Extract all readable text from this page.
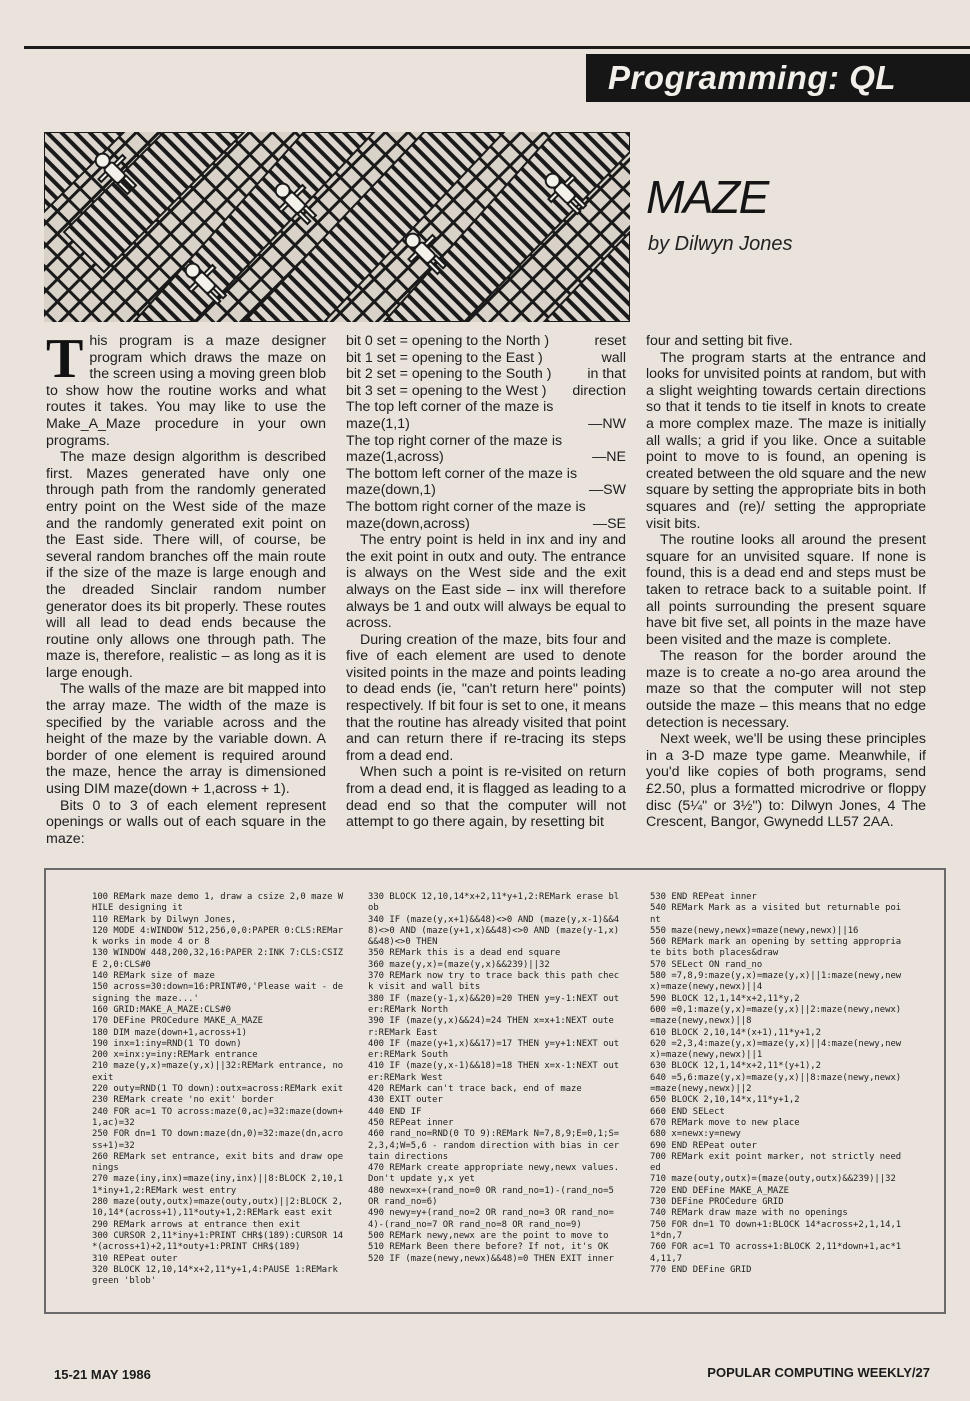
Programming: QL
MAZE
by Dilwyn Jones

This program is a maze designer program which draws the maze on the screen using a moving green blob to show how the routine works and what routes it takes. You may like to use the Make_A_Maze procedure in your own programs.

The maze design algorithm is described first. Mazes generated have only one through path from the randomly generated entry point on the West side of the maze and the randomly generated exit point on the East side. There will, of course, be several random branches off the main route if the size of the maze is large enough and the dreaded Sinclair random number generator does its bit properly. These routes will all lead to dead ends because the routine only allows one through path. The maze is, therefore, realistic – as long as it is large enough.

The walls of the maze are bit mapped into the array maze. The width of the maze is specified by the variable across and the height of the maze by the variable down. A border of one element is required around the maze, hence the array is dimensioned using DIM maze(down + 1,across + 1).

Bits 0 to 3 of each element represent openings or walls out of each square in the maze:

bit 0 set = opening to the North )	reset
bit 1 set = opening to the East )	wall
bit 2 set = opening to the South )	in that
bit 3 set = opening to the West ) direction
The top left corner of the maze is
maze(1,1)	—NW
The top right corner of the maze is
maze(1,across)	—NE
The bottom left corner of the maze is
maze(down,1)	—SW
The bottom right corner of the maze is
maze(down,across)	—SE

The entry point is held in inx and iny and the exit point in outx and outy. The entrance is always on the West side and the exit always on the East side – inx will therefore always be 1 and outx will always be equal to across.

During creation of the maze, bits four and five of each element are used to denote visited points in the maze and points leading to dead ends (ie, "can't return here" points) respectively. If bit four is set to one, it means that the routine has already visited that point and can return there if re-tracing its steps from a dead end.

When such a point is re-visited on return from a dead end, it is flagged as leading to a dead end so that the computer will not attempt to go there again, by resetting bit

four and setting bit five.

The program starts at the entrance and looks for unvisited points at random, but with a slight weighting towards certain directions so that it tends to tie itself in knots to create a more complex maze. The maze is initially all walls; a grid if you like. Once a suitable point to move to is found, an opening is created between the old square and the new square by setting the appropriate bits in both squares and (re)/ setting the appropriate visit bits.

The routine looks all around the present square for an unvisited square. If none is found, this is a dead end and steps must be taken to retrace back to a suitable point. If all points surrounding the present square have bit five set, all points in the maze have been visited and the maze is complete.

The reason for the border around the maze is to create a no-go area around the maze so that the computer will not step outside the maze – this means that no edge detection is necessary.

Next week, we'll be using these principles in a 3-D maze type game. Meanwhile, if you'd like copies of both programs, send £2.50, plus a formatted microdrive or floppy disc (5¼" or 3½") to: Dilwyn Jones, 4 The Crescent, Bangor, Gwynedd LL57 2AA.

100 REMark maze demo 1, draw a csize 2,0 maze WHILE designing it
110 REMark by Dilwyn Jones,
120 MODE 4:WINDOW 512,256,0,0:PAPER 0:CLS:REMark works in mode 4 or 8
130 WINDOW 448,200,32,16:PAPER 2:INK 7:CLS:CSIZE 2,0:CLS#0
140 REMark size of maze
150 across=30:down=16:PRINT#0,'Please wait - designing the maze...'
160 GRID:MAKE_A_MAZE:CLS#0
170 DEFine PROCedure MAKE_A_MAZE
180 DIM maze(down+1,across+1)
190 inx=1:iny=RND(1 TO down)
200 x=inx:y=iny:REMark entrance
210 maze(y,x)=maze(y,x)||32:REMark entrance, no exit
220 outy=RND(1 TO down):outx=across:REMark exit
230 REMark create 'no exit' border
240 FOR ac=1 TO across:maze(0,ac)=32:maze(down+1,ac)=32
250 FOR dn=1 TO down:maze(dn,0)=32:maze(dn,across+1)=32
260 REMark set entrance, exit bits and draw openings
270 maze(iny,inx)=maze(iny,inx)||8:BLOCK 2,10,11*iny+1,2:REMark west entry
280 maze(outy,outx)=maze(outy,outx)||2:BLOCK 2,10,14*(across+1),11*outy+1,2:REMark east exit
290 REMark arrows at entrance then exit
300 CURSOR 2,11*iny+1:PRINT CHR$(189):CURSOR 14*(across+1)+2,11*outy+1:PRINT CHR$(189)
310 REPeat outer
320 BLOCK 12,10,14*x+2,11*y+1,4:PAUSE 1:REMark green 'blob'
330 BLOCK 12,10,14*x+2,11*y+1,2:REMark erase blob
340 IF (maze(y,x+1)&&48)<>0 AND (maze(y,x-1)&&48)<>0 AND (maze(y+1,x)&&48)<>0 AND (maze(y-1,x)&&48)<>0 THEN
350 REMark this is a dead end square
360 maze(y,x)=(maze(y,x)&&239)||32
370 REMark now try to trace back this path check visit and wall bits
380 IF (maze(y-1,x)&&20)=20 THEN y=y-1:NEXT outer:REMark North
390 IF (maze(y,x)&&24)=24 THEN x=x+1:NEXT outer:REMark East
400 IF (maze(y+1,x)&&17)=17 THEN y=y+1:NEXT outer:REMark South
410 IF (maze(y,x-1)&&18)=18 THEN x=x-1:NEXT outer:REMark West
420 REMark can't trace back, end of maze
430 EXIT outer
440 END IF
450 REPeat inner
460 rand_no=RND(0 TO 9):REMark N=7,8,9;E=0,1;S=2,3,4;W=5,6 - random direction with bias in certain directions
470 REMark create appropriate newy,newx values.Don't update y,x yet
480 newx=x+(rand_no=0 OR rand_no=1)-(rand_no=5 OR rand_no=6)
490 newy=y+(rand_no=2 OR rand_no=3 OR rand_no=4)-(rand_no=7 OR rand_no=8 OR rand_no=9)
500 REMark newy,newx are the point to move to
510 REMark Been there before? If not, it's OK
520 IF (maze(newy,newx)&&48)=0 THEN EXIT inner
530 END REPeat inner
540 REMark Mark as a visited but returnable point
550 maze(newy,newx)=maze(newy,newx)||16
560 REMark mark an opening by setting appropriate bits both places&draw
570 SELect ON rand_no
580 =7,8,9:maze(y,x)=maze(y,x)||1:maze(newy,newx)=maze(newy,newx)||4
590 BLOCK 12,1,14*x+2,11*y,2
600 =0,1:maze(y,x)=maze(y,x)||2:maze(newy,newx)=maze(newy,newx)||8
610 BLOCK 2,10,14*(x+1),11*y+1,2
620 =2,3,4:maze(y,x)=maze(y,x)||4:maze(newy,newx)=maze(newy,newx)||1
630 BLOCK 12,1,14*x+2,11*(y+1),2
640 =5,6:maze(y,x)=maze(y,x)||8:maze(newy,newx)=maze(newy,newx)||2
650 BLOCK 2,10,14*x,11*y+1,2
660 END SELect
670 REMark move to new place
680 x=newx:y=newy
690 END REPeat outer
700 REMark exit point marker, not strictly needed
710 maze(outy,outx)=(maze(outy,outx)&&239)||32
720 END DEFine MAKE_A_MAZE
730 DEFine PROCedure GRID
740 REMark draw maze with no openings
750 FOR dn=1 TO down+1:BLOCK 14*across+2,1,14,11*dn,7
760 FOR ac=1 TO across+1:BLOCK 2,11*down+1,ac*14,11,7
770 END DEFine GRID
15-21 MAY 1986	POPULAR COMPUTING WEEKLY/27
